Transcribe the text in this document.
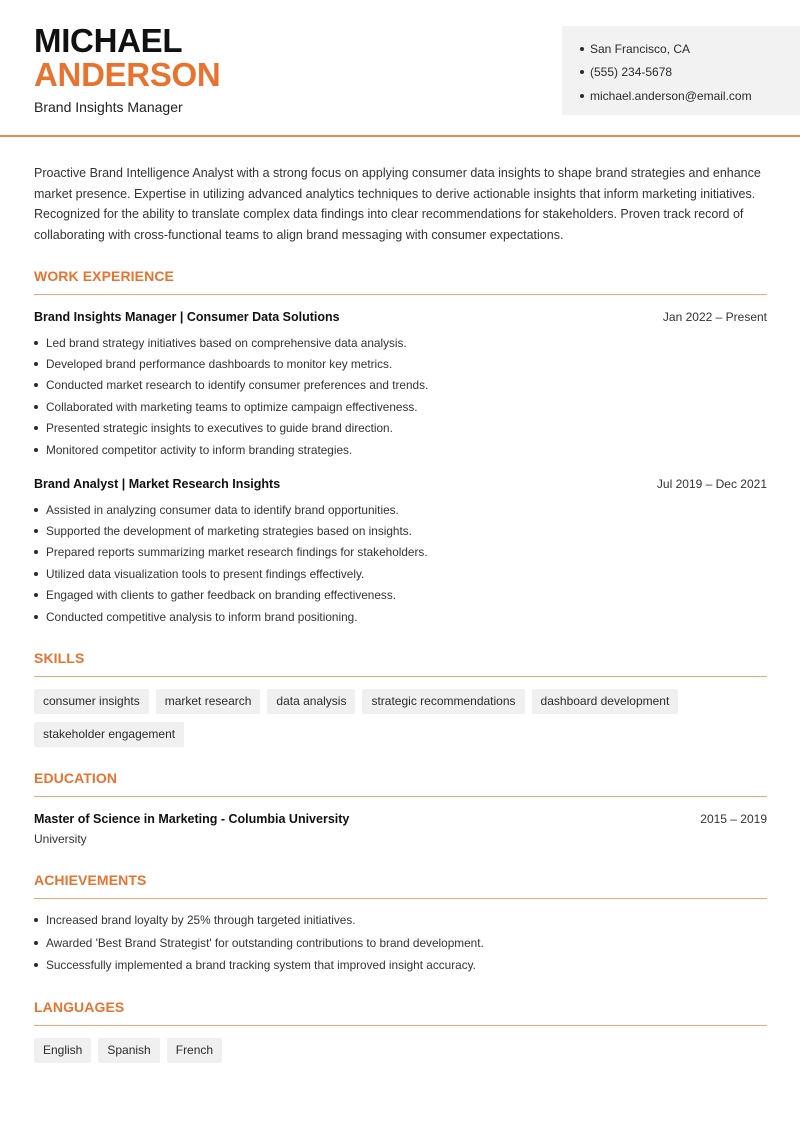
MICHAEL
ANDERSON
Brand Insights Manager
San Francisco, CA
(555) 234-5678
michael.anderson@email.com

Proactive Brand Intelligence Analyst with a strong focus on applying consumer data insights to shape brand strategies and enhance market presence. Expertise in utilizing advanced analytics techniques to derive actionable insights that inform marketing initiatives. Recognized for the ability to translate complex data findings into clear recommendations for stakeholders. Proven track record of collaborating with cross-functional teams to align brand messaging with consumer expectations.

WORK EXPERIENCE
Brand Insights Manager | Consumer Data Solutions	Jan 2022 – Present
Led brand strategy initiatives based on comprehensive data analysis.
Developed brand performance dashboards to monitor key metrics.
Conducted market research to identify consumer preferences and trends.
Collaborated with marketing teams to optimize campaign effectiveness.
Presented strategic insights to executives to guide brand direction.
Monitored competitor activity to inform branding strategies.
Brand Analyst | Market Research Insights	Jul 2019 – Dec 2021
Assisted in analyzing consumer data to identify brand opportunities.
Supported the development of marketing strategies based on insights.
Prepared reports summarizing market research findings for stakeholders.
Utilized data visualization tools to present findings effectively.
Engaged with clients to gather feedback on branding effectiveness.
Conducted competitive analysis to inform brand positioning.
SKILLS
consumer insights	market research	data analysis	strategic recommendations	dashboard development
stakeholder engagement
EDUCATION
Master of Science in Marketing - Columbia University	2015 – 2019
University
ACHIEVEMENTS
Increased brand loyalty by 25% through targeted initiatives.
Awarded 'Best Brand Strategist' for outstanding contributions to brand development.
Successfully implemented a brand tracking system that improved insight accuracy.
LANGUAGES
English	Spanish	French
